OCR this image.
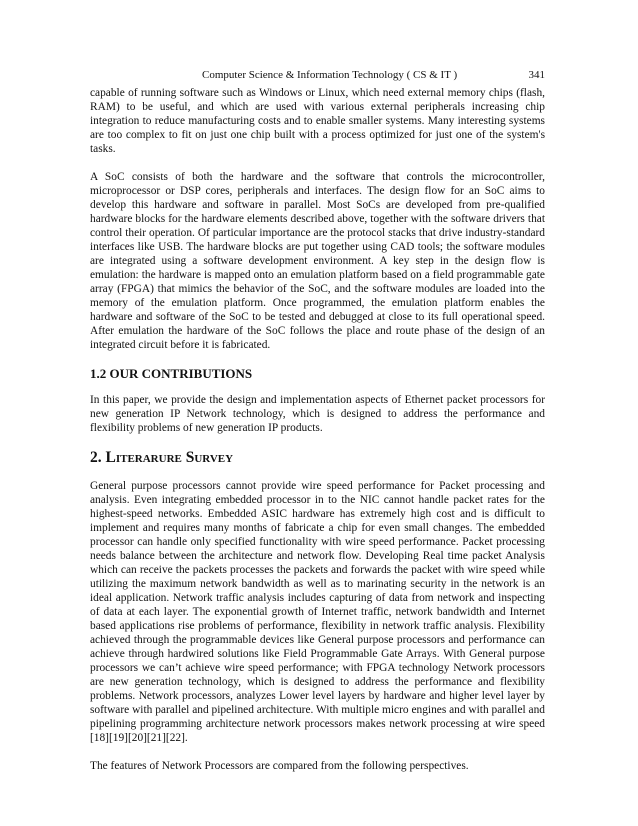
Computer Science & Information Technology ( CS & IT )	341

capable of running software such as Windows or Linux, which need external memory chips (flash, RAM) to be useful, and which are used with various external peripherals increasing chip integration to reduce manufacturing costs and to enable smaller systems. Many interesting systems are too complex to fit on just one chip built with a process optimized for just one of the system's tasks.

A SoC consists of both the hardware and the software that controls the microcontroller, microprocessor or DSP cores, peripherals and interfaces. The design flow for an SoC aims to develop this hardware and software in parallel. Most SoCs are developed from pre-qualified hardware blocks for the hardware elements described above, together with the software drivers that control their operation. Of particular importance are the protocol stacks that drive industry-standard interfaces like USB. The hardware blocks are put together using CAD tools; the software modules are integrated using a software development environment. A key step in the design flow is emulation: the hardware is mapped onto an emulation platform based on a field programmable gate array (FPGA) that mimics the behavior of the SoC, and the software modules are loaded into the memory of the emulation platform. Once programmed, the emulation platform enables the hardware and software of the SoC to be tested and debugged at close to its full operational speed. After emulation the hardware of the SoC follows the place and route phase of the design of an integrated circuit before it is fabricated.

1.2 OUR CONTRIBUTIONS

In this paper, we provide the design and implementation aspects of Ethernet packet processors for new generation IP Network technology, which is designed to address the performance and flexibility problems of new generation IP products.

2. Literarure Survey

General purpose processors cannot provide wire speed performance for Packet processing and analysis. Even integrating embedded processor in to the NIC cannot handle packet rates for the highest-speed networks. Embedded ASIC hardware has extremely high cost and is difficult to implement and requires many months of fabricate a chip for even small changes. The embedded processor can handle only specified functionality with wire speed performance. Packet processing needs balance between the architecture and network flow. Developing Real time packet Analysis which can receive the packets processes the packets and forwards the packet with wire speed while utilizing the maximum network bandwidth as well as to marinating security in the network is an ideal application. Network traffic analysis includes capturing of data from network and inspecting of data at each layer. The exponential growth of Internet traffic, network bandwidth and Internet based applications rise problems of performance, flexibility in network traffic analysis. Flexibility achieved through the programmable devices like General purpose processors and performance can achieve through hardwired solutions like Field Programmable Gate Arrays. With General purpose processors we can’t achieve wire speed performance; with FPGA technology Network processors are new generation technology, which is designed to address the performance and flexibility problems. Network processors, analyzes Lower level layers by hardware and higher level layer by software with parallel and pipelined architecture. With multiple micro engines and with parallel and pipelining programming architecture network processors makes network processing at wire speed [18][19][20][21][22].

The features of Network Processors are compared from the following perspectives.
